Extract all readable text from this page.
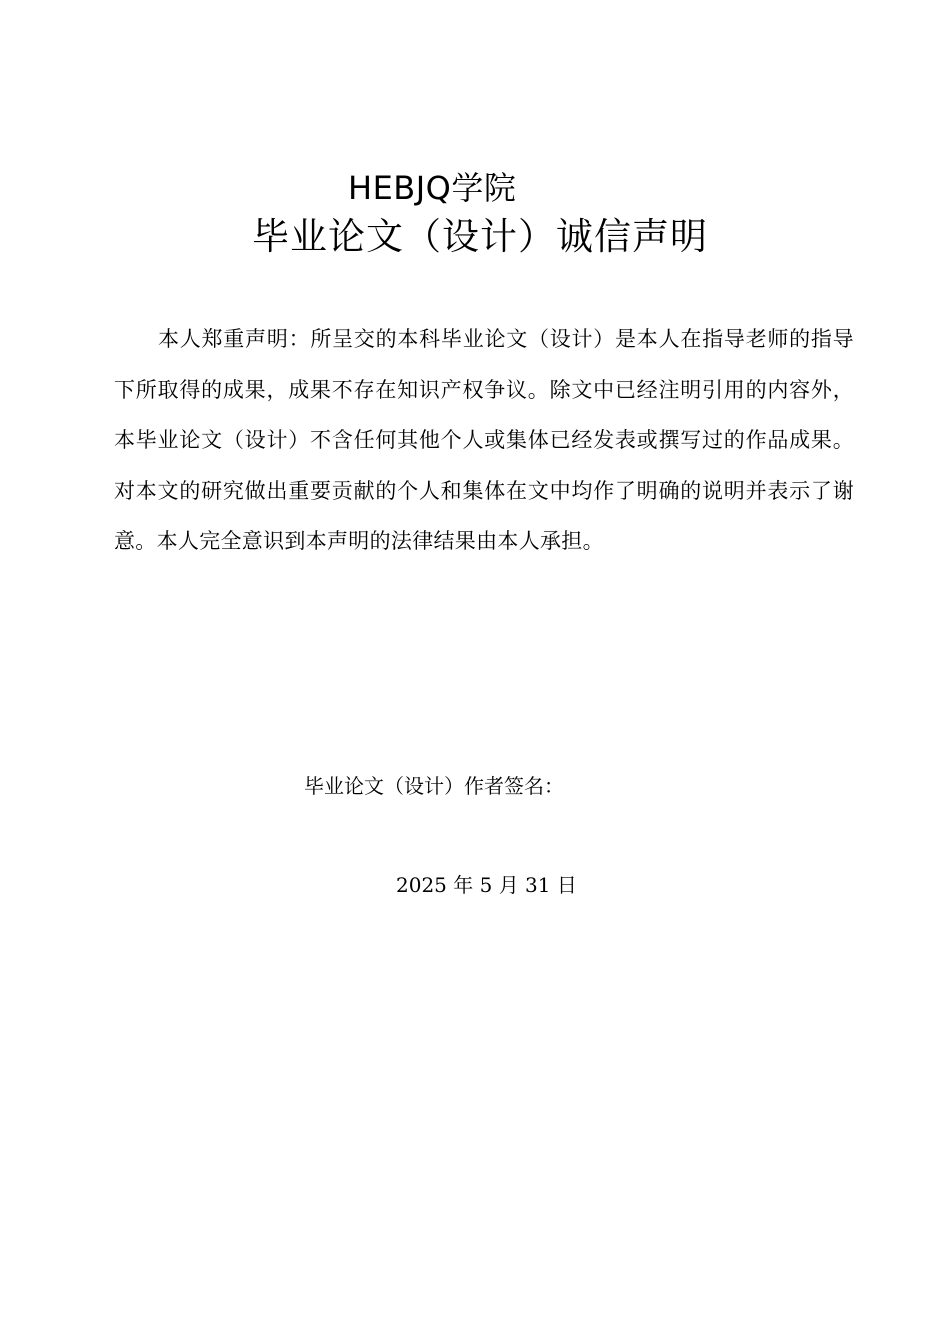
HEBJQ学院
毕业论文（设计）诚信声明

本人郑重声明：所呈交的本科毕业论文（设计）是本人在指导老师的指导下所取得的成果，成果不存在知识产权争议。除文中已经注明引用的内容外，本毕业论文（设计）不含任何其他个人或集体已经发表或撰写过的作品成果。对本文的研究做出重要贡献的个人和集体在文中均作了明确的说明并表示了谢意。本人完全意识到本声明的法律结果由本人承担。

毕业论文（设计）作者签名：
2025 年 5 月 31 日
